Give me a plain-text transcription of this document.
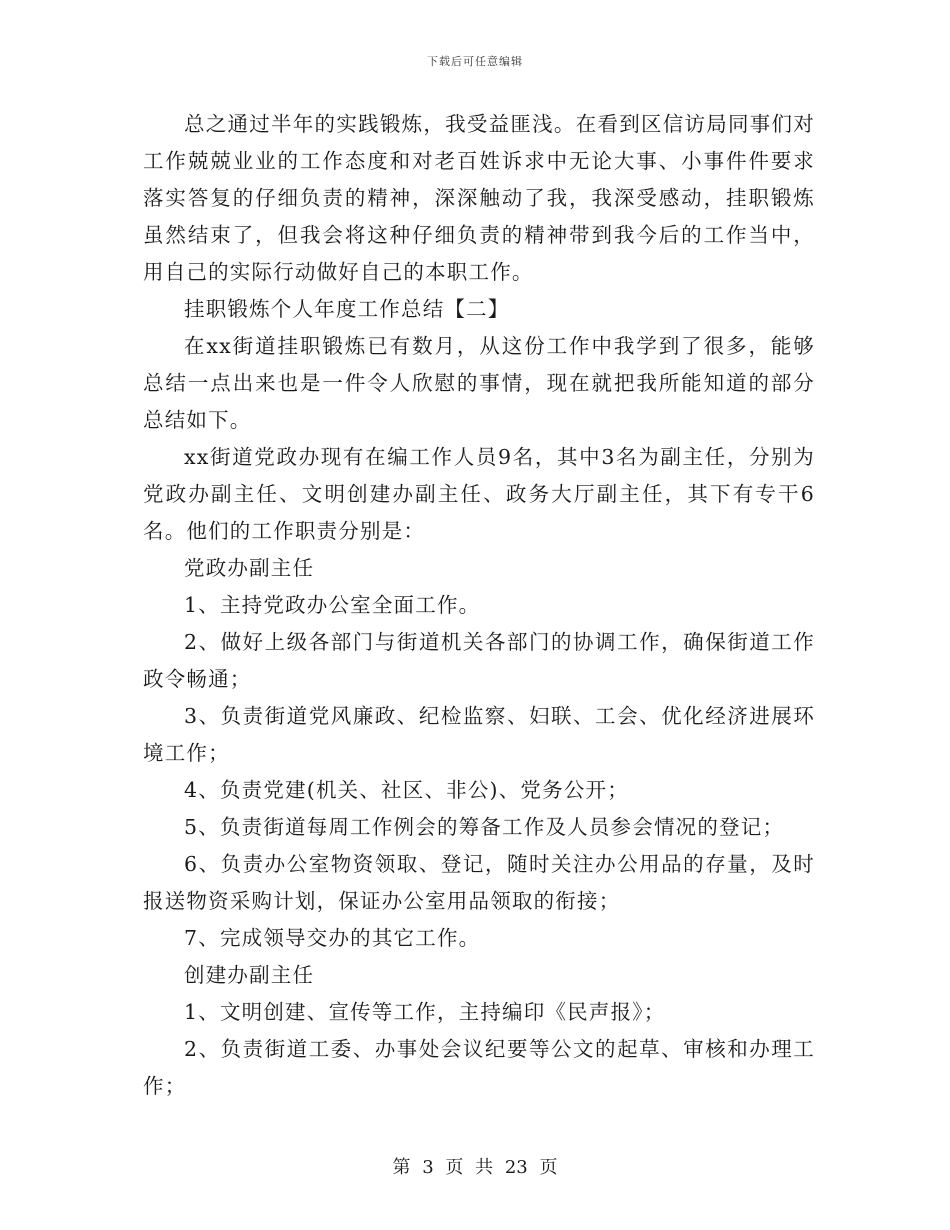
下载后可任意编辑

总之通过半年的实践锻炼，我受益匪浅。在看到区信访局同事们对工作兢兢业业的工作态度和对老百姓诉求中无论大事、小事件件要求落实答复的仔细负责的精神，深深触动了我，我深受感动，挂职锻炼虽然结束了，但我会将这种仔细负责的精神带到我今后的工作当中，用自己的实际行动做好自己的本职工作。

挂职锻炼个人年度工作总结【二】

在xx街道挂职锻炼已有数月，从这份工作中我学到了很多，能够总结一点出来也是一件令人欣慰的事情，现在就把我所能知道的部分总结如下。

xx街道党政办现有在编工作人员9名，其中3名为副主任，分别为党政办副主任、文明创建办副主任、政务大厅副主任，其下有专干6名。他们的工作职责分别是：

党政办副主任

1、主持党政办公室全面工作。

2、做好上级各部门与街道机关各部门的协调工作，确保街道工作政令畅通；

3、负责街道党风廉政、纪检监察、妇联、工会、优化经济进展环境工作；

4、负责党建(机关、社区、非公)、党务公开；

5、负责街道每周工作例会的筹备工作及人员参会情况的登记；

6、负责办公室物资领取、登记，随时关注办公用品的存量，及时报送物资采购计划，保证办公室用品领取的衔接；

7、完成领导交办的其它工作。

创建办副主任

1、文明创建、宣传等工作，主持编印《民声报》；

2、负责街道工委、办事处会议纪要等公文的起草、审核和办理工作；

第 3 页 共 23 页
